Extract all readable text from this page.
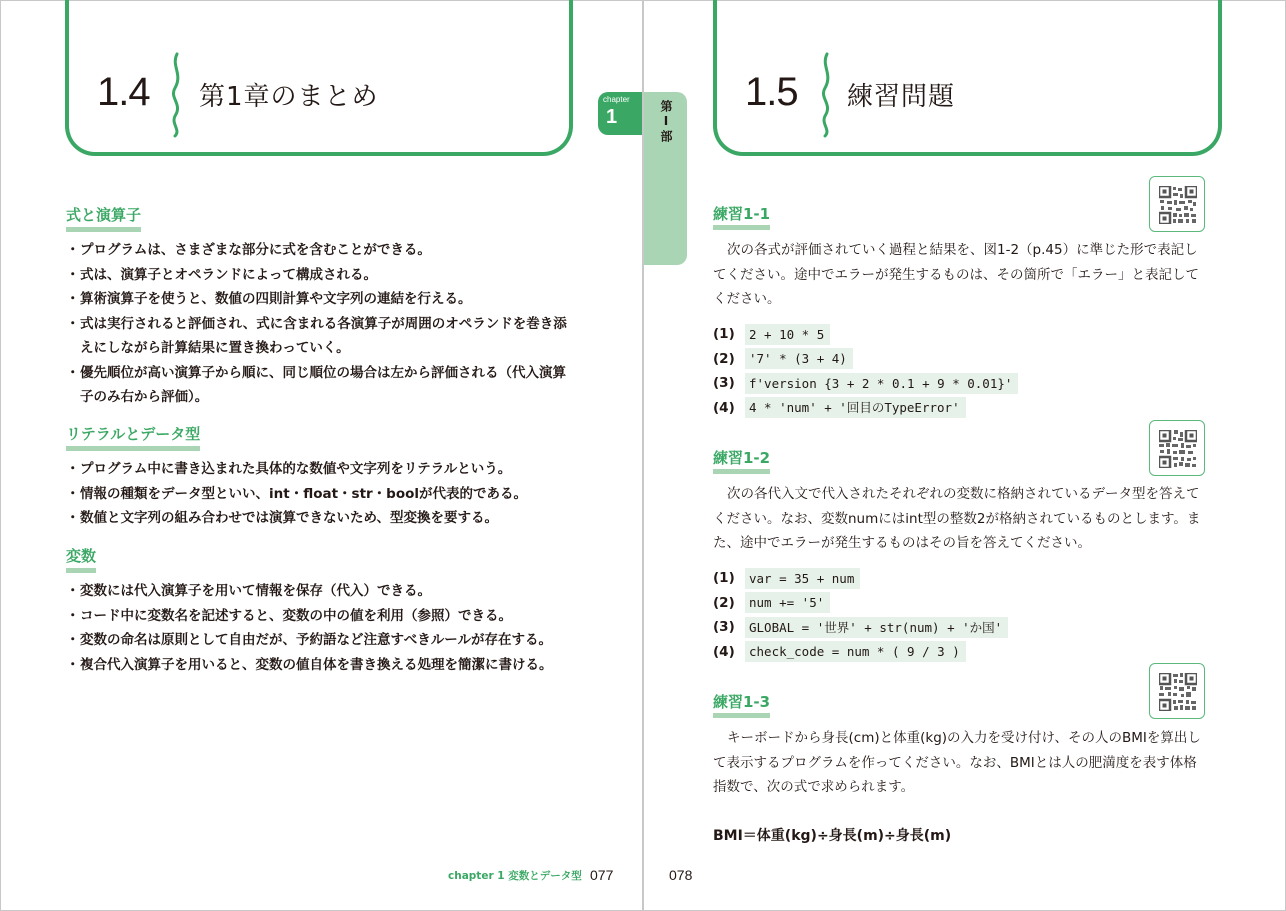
1.4 第1章のまとめ	chapter
1	第Ⅰ部
式と演算子
・ プログラムは、さまざまな部分に式を含むことができる。
・ 式は、演算子とオペランドによって構成される。
・ 算術演算子を使うと、数値の四則計算や文字列の連結を行える。
・ 式は実行されると評価され、式に含まれる各演算子が周囲のオペランドを巻き添えにしながら計算結果に置き換わっていく。
・ 優先順位が高い演算子から順に、同じ順位の場合は左から評価される（代入演算子のみ右から評価）。
リテラルとデータ型
・ プログラム中に書き込まれた具体的な数値や文字列をリテラルという。
・ 情報の種類をデータ型といい、int・float・str・boolが代表的である。
・ 数値と文字列の組み合わせでは演算できないため、型変換を要する。
変数
・ 変数には代入演算子を用いて情報を保存（代入）できる。
・ コード中に変数名を記述すると、変数の中の値を利用（参照）できる。
・ 変数の命名は原則として自由だが、予約語など注意すべきルールが存在する。
・ 複合代入演算子を用いると、変数の値自体を書き換える処理を簡潔に書ける。
chapter 1 変数とデータ型 077
1.5 練習問題
練習1-1

次の各式が評価されていく過程と結果を、図1-2（p.45）に準じた形で表記してください。途中でエラーが発生するものは、その箇所で「エラー」と表記してください。

(1)	2 + 10 * 5
(2)	'7' * (3 + 4)
(3)	f'version {3 + 2 * 0.1 + 9 * 0.01}'
(4)	4 * 'num' + '回目のTypeError'
練習1-2

次の各代入文で代入されたそれぞれの変数に格納されているデータ型を答えてください。なお、変数numにはint型の整数2が格納されているものとします。また、途中でエラーが発生するものはその旨を答えてください。

(1)	var = 35 + num
(2)	num += '5'
(3)	GLOBAL = '世界' + str(num) + 'か国'
(4)	check_code = num * ( 9 / 3 )
練習1-3

キーボードから身長(cm)と体重(kg)の入力を受け付け、その人のBMIを算出して表示するプログラムを作ってください。なお、BMIとは人の肥満度を表す体格指数で、次の式で求められます。

BMI＝体重(kg)÷身長(m)÷身長(m)
078
